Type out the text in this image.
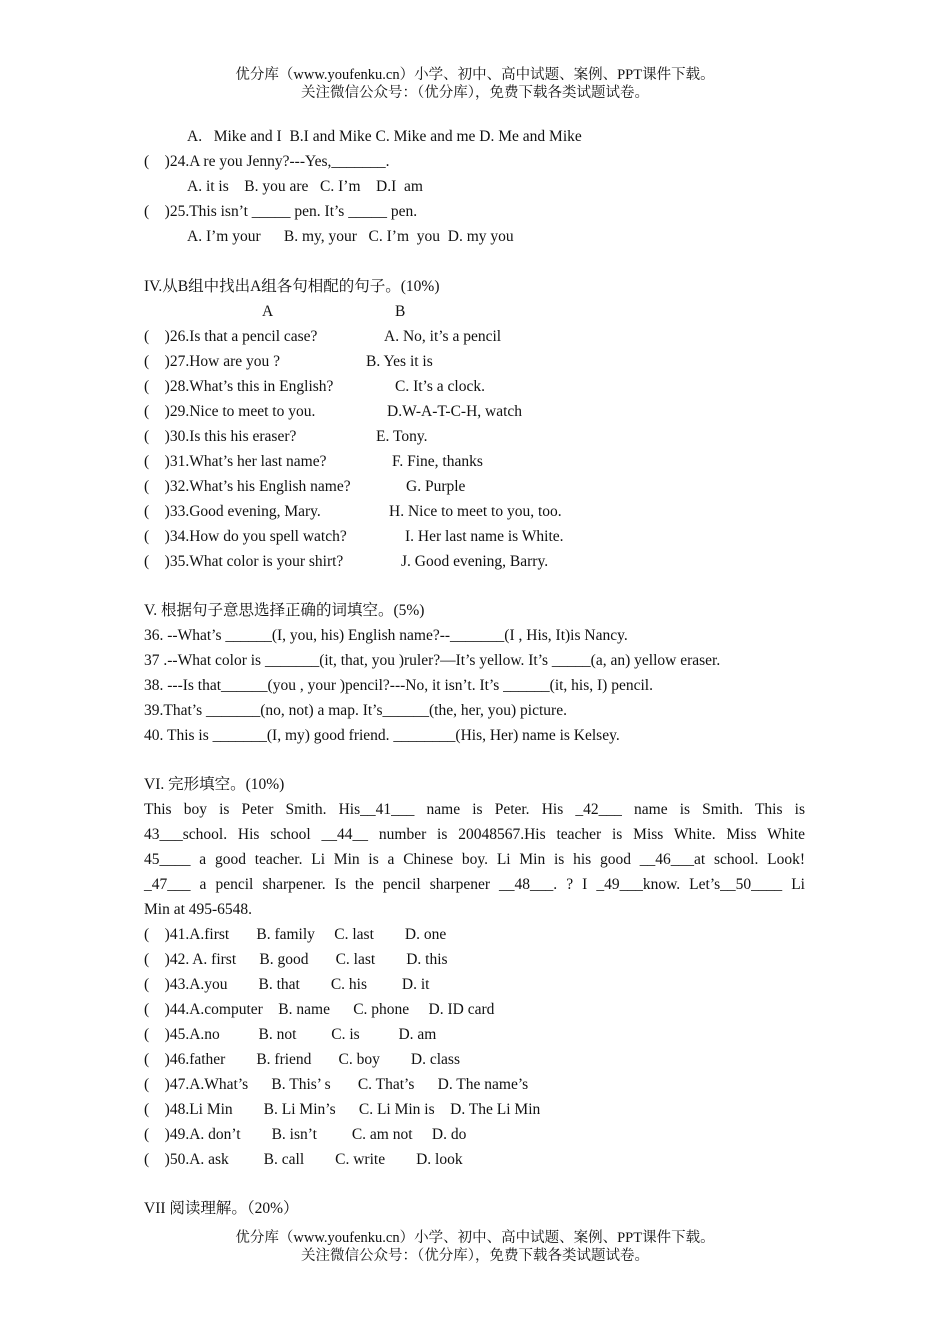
优分库（www.youfenku.cn）小学、初中、高中试题、案例、PPT课件下载。
关注微信公众号：（优分库），免费下载各类试题试卷。
A.   Mike and I  B.I and Mike C. Mike and me D. Me and Mike
(    )24.A re you Jenny?---Yes,_______.
A. it is    B. you are   C. I’m    D.I  am
(    )25.This isn’t _____ pen. It’s _____ pen.
A. I’m your      B. my, your   C. I’m  you  D. my you
IV.从B组中找出A组各句相配的句子。(10%)
A	B
(    )26.Is that a pencil case?	A. No, it’s a pencil
(    )27.How are you ?	B. Yes it is
(    )28.What’s this in English?	C. It’s a clock.
(    )29.Nice to meet to you.	D.W-A-T-C-H, watch
(    )30.Is this his eraser?	E. Tony.
(    )31.What’s her last name?	F. Fine, thanks
(    )32.What’s his English name?	G. Purple
(    )33.Good evening, Mary.	H. Nice to meet to you, too.
(    )34.How do you spell watch?	I. Her last name is White.
(    )35.What color is your shirt?	J. Good evening, Barry.
V. 根据句子意思选择正确的词填空。(5%)
36. --What’s ______(I, you, his) English name?--_______(I , His, It)is Nancy.
37 .--What color is _______(it, that, you )ruler?—It’s yellow. It’s _____(a, an) yellow eraser.
38. ---Is that______(you , your )pencil?---No, it isn’t. It’s ______(it, his, I) pencil.
39.That’s _______(no, not) a map. It’s______(the, her, you) picture.
40. This is _______(I, my) good friend. ________(His, Her) name is Kelsey.
VI. 完形填空。(10%)
This boy is Peter Smith. His__41___ name is Peter. His _42___ name is Smith. This is
43___school. His school __44__ number is 20048567.His teacher is Miss White. Miss White
45____ a good teacher. Li Min is a Chinese boy. Li Min is his good __46___at school. Look!
_47___ a pencil sharpener. Is the pencil sharpener __48___. ? I _49___know. Let’s__50____ Li
Min at 495-6548.
(    )41.A.first       B. family     C. last        D. one
(    )42. A. first      B. good       C. last        D. this
(    )43.A.you        B. that        C. his         D. it
(    )44.A.computer    B. name      C. phone     D. ID card
(    )45.A.no          B. not         C. is          D. am
(    )46.father        B. friend       C. boy        D. class
(    )47.A.What’s      B. This’ s       C. That’s      D. The name’s
(    )48.Li Min        B. Li Min’s      C. Li Min is    D. The Li Min
(    )49.A. don’t        B. isn’t         C. am not     D. do
(    )50.A. ask         B. call        C. write        D. look
VII 阅读理解。（20%）
优分库（www.youfenku.cn）小学、初中、高中试题、案例、PPT课件下载。
关注微信公众号：（优分库），免费下载各类试题试卷。
